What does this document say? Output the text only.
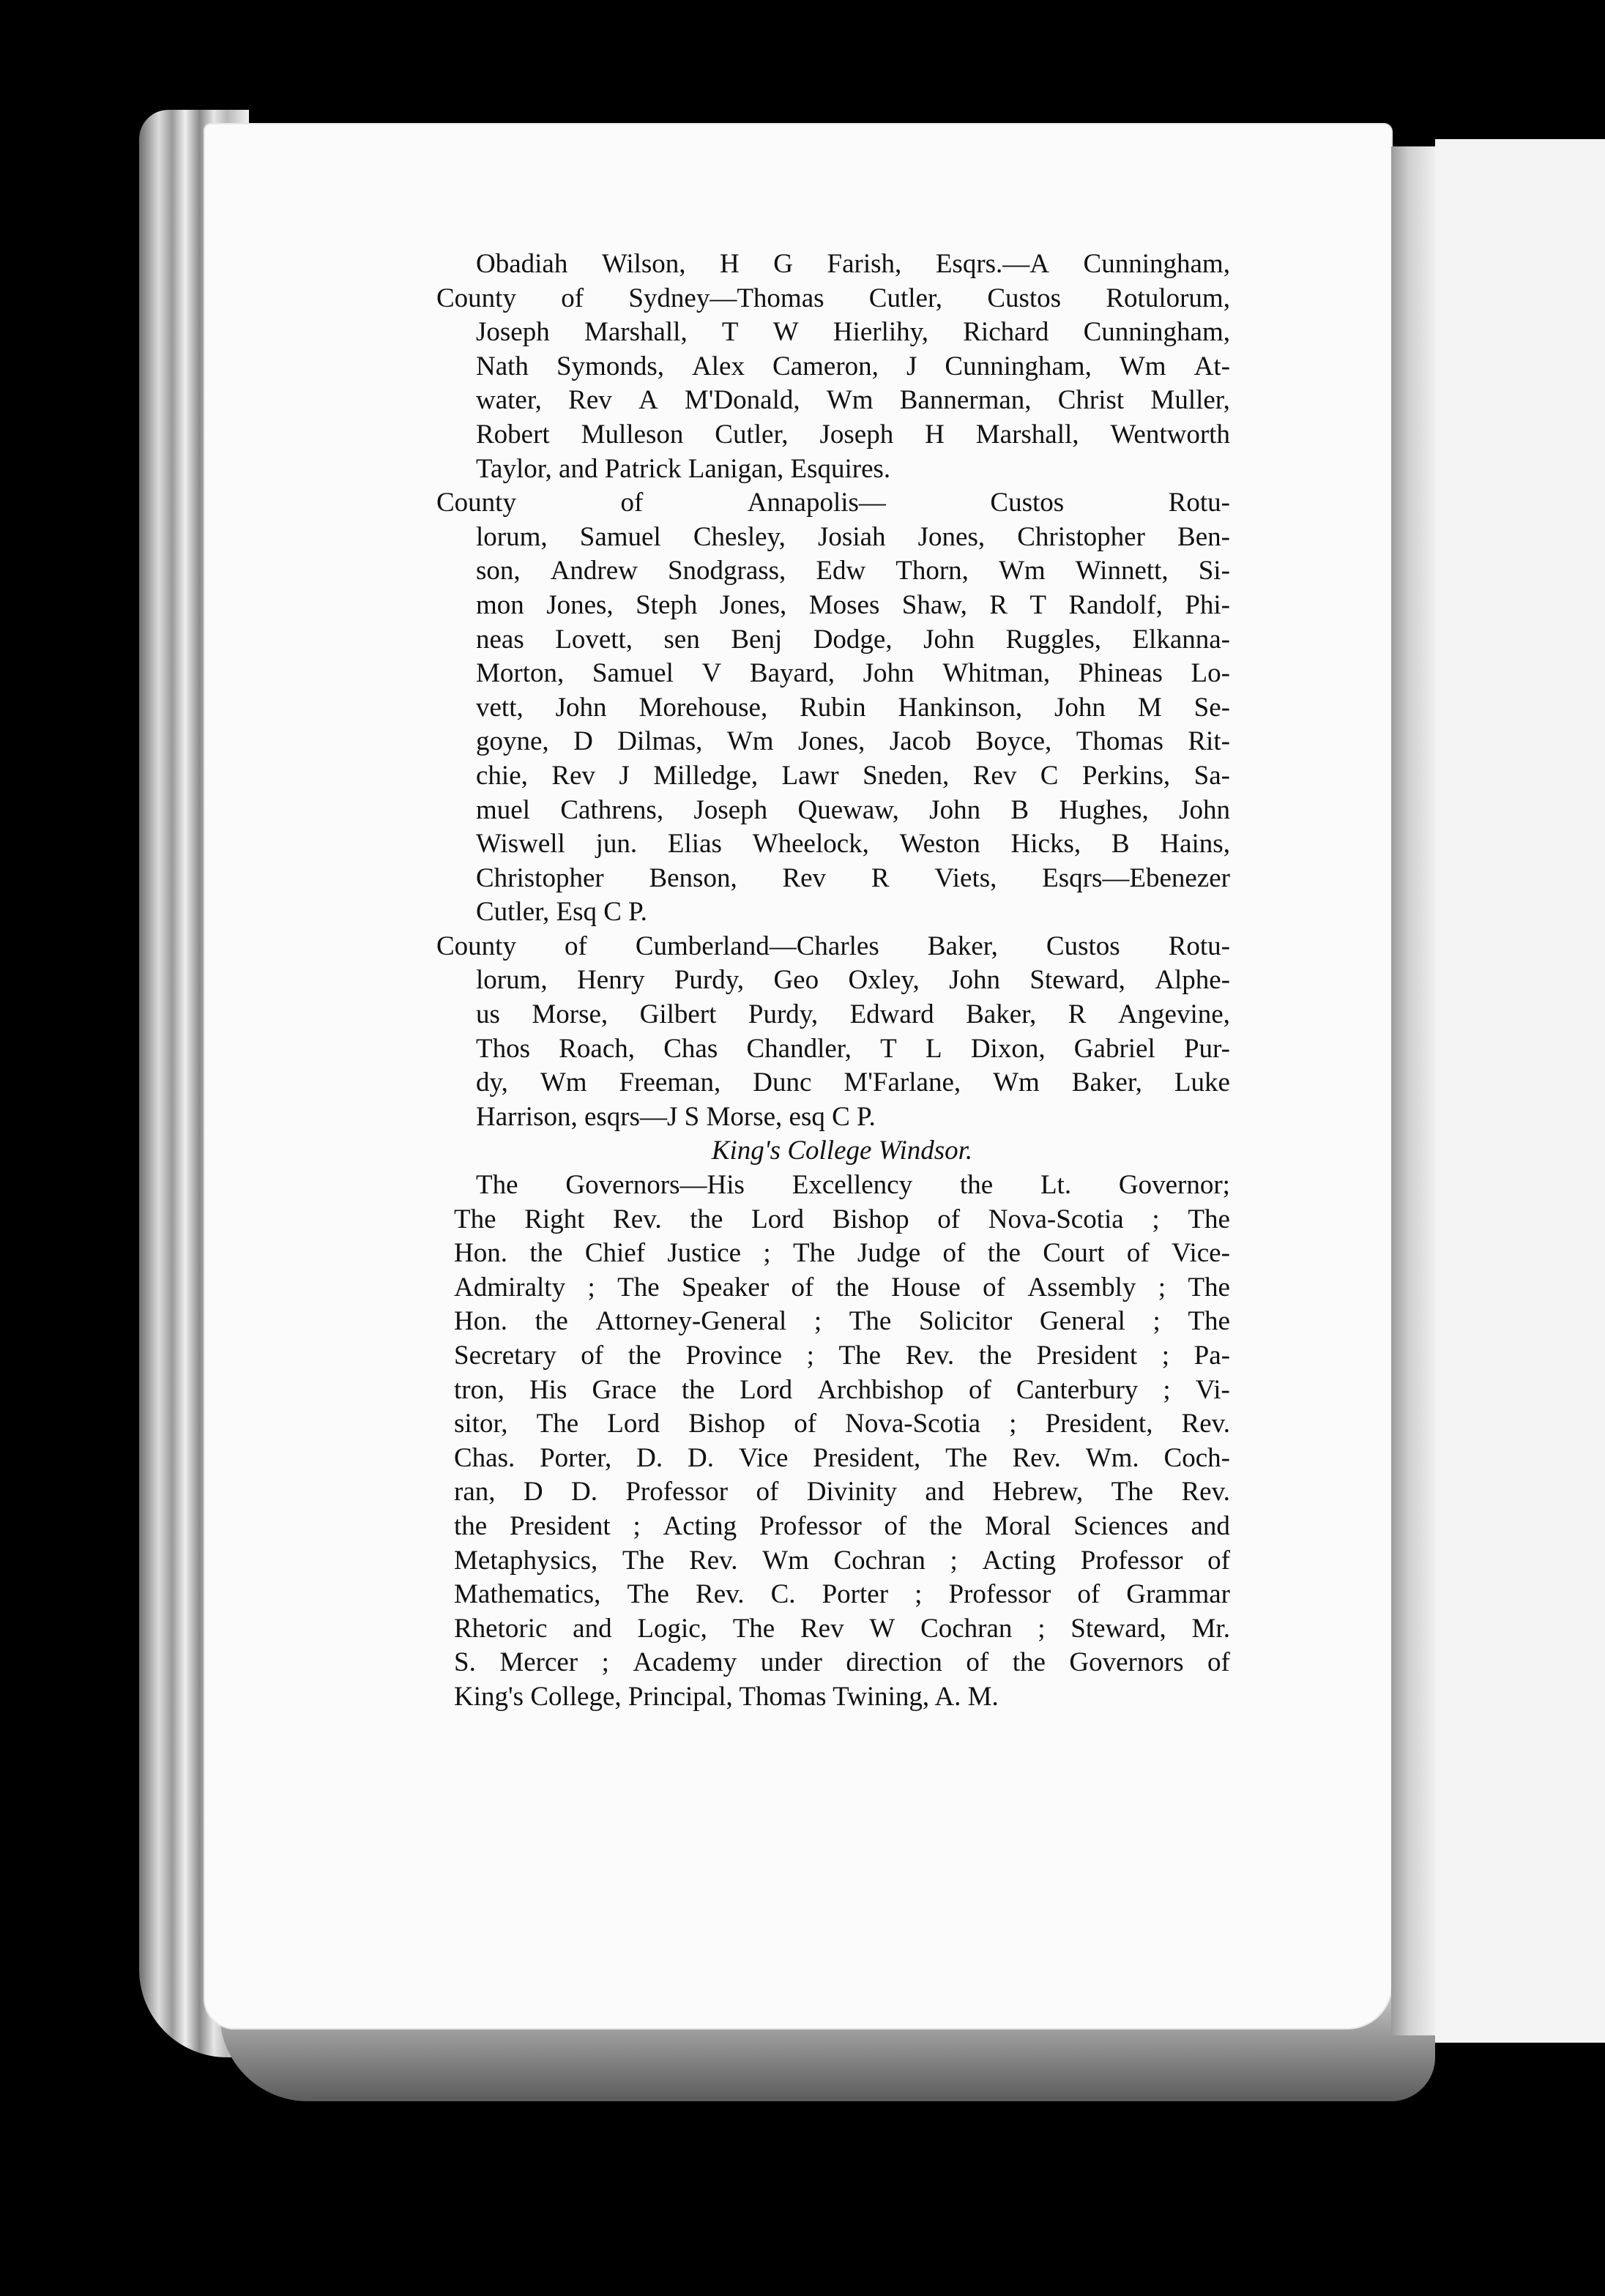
Obadiah Wilson, H G Farish, Esqrs.—A Cunningham,
County of Sydney—Thomas Cutler, Custos Rotulorum,
Joseph Marshall, T W Hierlihy, Richard Cunningham,
Nath Symonds, Alex Cameron, J Cunningham, Wm At-
water, Rev A M'Donald, Wm Bannerman, Christ Muller,
Robert Mulleson Cutler, Joseph H Marshall, Wentworth
Taylor, and Patrick Lanigan, Esquires.
County	of	Annapolis—	Custos	Rotu-
lorum, Samuel Chesley, Josiah Jones, Christopher Ben-
son, Andrew Snodgrass, Edw Thorn, Wm Winnett, Si-
mon Jones, Steph Jones, Moses Shaw, R T Randolf, Phi-
neas Lovett, sen Benj Dodge, John Ruggles, Elkanna-
Morton, Samuel V Bayard, John Whitman, Phineas Lo-
vett, John Morehouse, Rubin Hankinson, John M Se-
goyne, D Dilmas, Wm Jones, Jacob Boyce, Thomas Rit-
chie, Rev J Milledge, Lawr Sneden, Rev C Perkins, Sa-
muel Cathrens, Joseph Quewaw, John B Hughes, John
Wiswell jun. Elias Wheelock, Weston Hicks, B Hains,
Christopher Benson, Rev R Viets, Esqrs—Ebenezer
Cutler, Esq C P.
County of Cumberland—Charles Baker, Custos Rotu-
lorum, Henry Purdy, Geo Oxley, John Steward, Alphe-
us Morse, Gilbert Purdy, Edward Baker, R Angevine,
Thos Roach, Chas Chandler, T L Dixon, Gabriel Pur-
dy, Wm Freeman, Dunc M'Farlane, Wm Baker, Luke
Harrison, esqrs—J S Morse, esq C P.
King's College Windsor.
The Governors—His Excellency the Lt. Governor;
The Right Rev. the Lord Bishop of Nova-Scotia ; The
Hon. the Chief Justice ; The Judge of the Court of Vice-
Admiralty ; The Speaker of the House of Assembly ; The
Hon. the Attorney-General ; The Solicitor General ; The
Secretary of the Province ; The Rev. the President ; Pa-
tron, His Grace the Lord Archbishop of Canterbury ; Vi-
sitor, The Lord Bishop of Nova-Scotia ; President, Rev.
Chas. Porter, D. D. Vice President, The Rev. Wm. Coch-
ran, D D. Professor of Divinity and Hebrew, The Rev.
the President ; Acting Professor of the Moral Sciences and
Metaphysics, The Rev. Wm Cochran ; Acting Professor of
Mathematics, The Rev. C. Porter ; Professor of Grammar
Rhetoric and Logic, The Rev W Cochran ; Steward, Mr.
S. Mercer ; Academy under direction of the Governors of
King's College, Principal, Thomas Twining, A. M.
